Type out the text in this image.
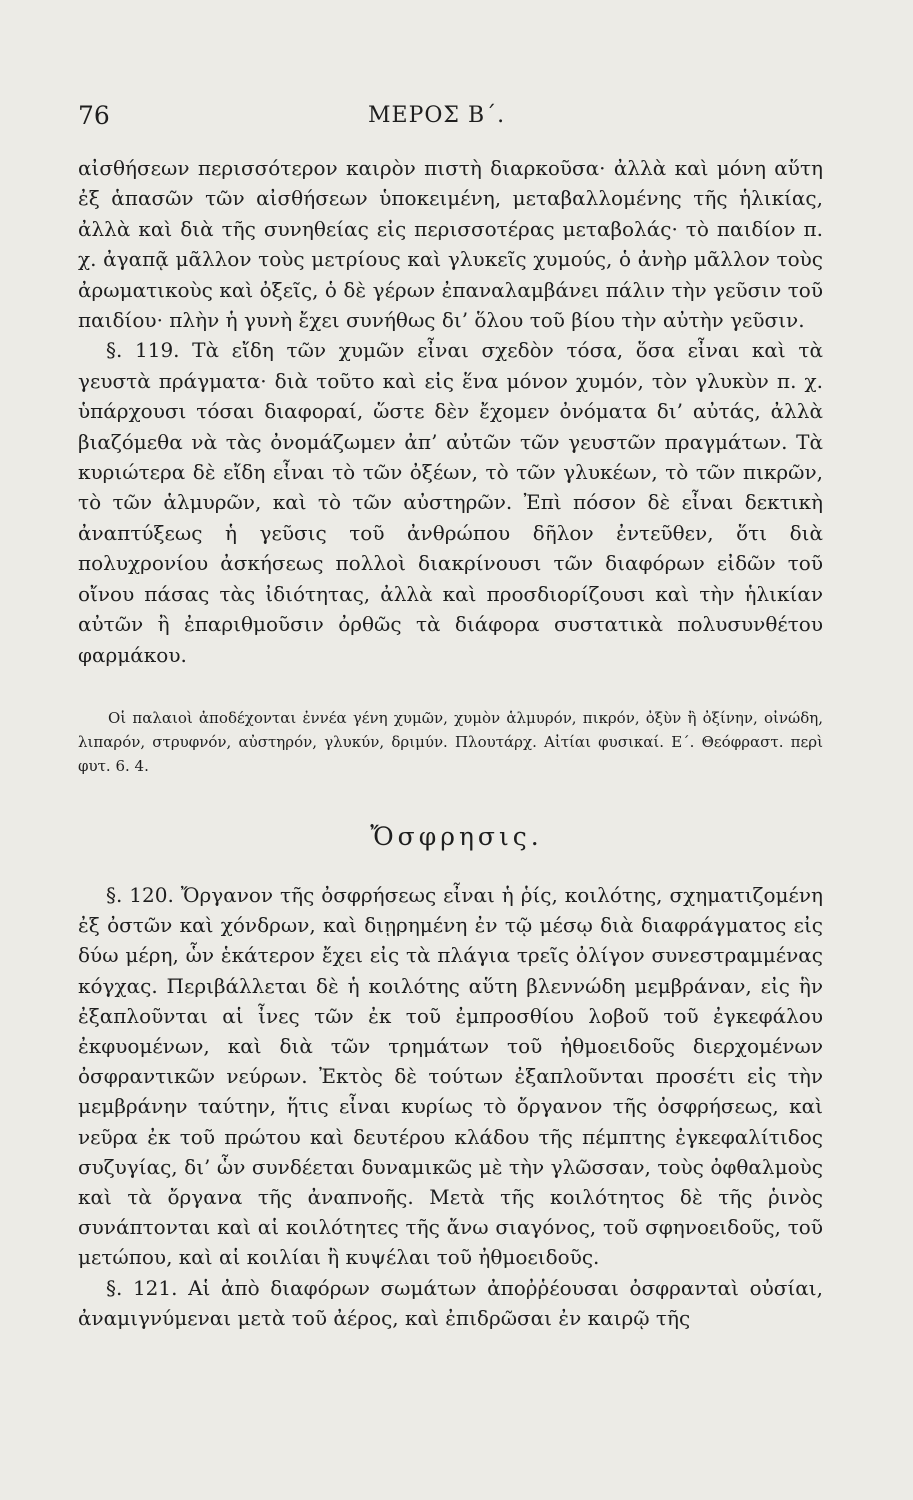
76	ΜΕΡΟΣ Β΄.

αἰσθήσεων περισσότερον καιρὸν πιστὴ διαρκοῦσα· ἀλλὰ καὶ μόνη αὕτη ἐξ ἁπασῶν τῶν αἰσθήσεων ὑποκειμένη, μεταβαλλομένης τῆς ἡλικίας, ἀλλὰ καὶ διὰ τῆς συνηθείας εἰς περισσοτέρας μεταβολάς· τὸ παιδίον π. χ. ἀγαπᾷ μᾶλλον τοὺς μετρίους καὶ γλυκεῖς χυμούς, ὁ ἀνὴρ μᾶλλον τοὺς ἀρωματικοὺς καὶ ὀξεῖς, ὁ δὲ γέρων ἐπαναλαμβάνει πάλιν τὴν γεῦσιν τοῦ παιδίου· πλὴν ἡ γυνὴ ἔχει συνήθως δι’ ὅλου τοῦ βίου τὴν αὐτὴν γεῦσιν.

§. 119. Τὰ εἴδη τῶν χυμῶν εἶναι σχεδὸν τόσα, ὅσα εἶναι καὶ τὰ γευστὰ πράγματα· διὰ τοῦτο καὶ εἰς ἕνα μόνον χυμόν, τὸν γλυκὺν π. χ. ὑπάρχουσι τόσαι διαφοραί, ὥστε δὲν ἔχομεν ὀνόματα δι’ αὐτάς, ἀλλὰ βιαζόμεθα νὰ τὰς ὀνομάζωμεν ἀπ’ αὐτῶν τῶν γευστῶν πραγμάτων. Τὰ κυριώτερα δὲ εἴδη εἶναι τὸ τῶν ὀξέων, τὸ τῶν γλυκέων, τὸ τῶν πικρῶν, τὸ τῶν ἁλμυρῶν, καὶ τὸ τῶν αὐστηρῶν. Ἐπὶ πόσον δὲ εἶναι δεκτικὴ ἀναπτύξεως ἡ γεῦσις τοῦ ἀνθρώπου δῆλον ἐντεῦθεν, ὅτι διὰ πολυχρονίου ἀσκήσεως πολλοὶ διακρίνουσι τῶν διαφόρων εἰδῶν τοῦ οἴνου πάσας τὰς ἰδιότητας, ἀλλὰ καὶ προσδιορίζουσι καὶ τὴν ἡλικίαν αὐτῶν ἢ ἐπαριθμοῦσιν ὀρθῶς τὰ διάφορα συστατικὰ πολυσυνθέτου φαρμάκου.

Οἱ παλαιοὶ ἀποδέχονται ἐννέα γένη χυμῶν, χυμὸν ἁλμυρόν, πικρόν, ὀξὺν ἢ ὀξίνην, οἰνώδη, λιπαρόν, στρυφνόν, αὐστηρόν, γλυκύν, δριμύν. Πλουτάρχ. Αἰτίαι φυσικαί. Ε΄. Θεόφραστ. περὶ φυτ. 6. 4.

Ὄσφρησις.

§. 120. Ὄργανον τῆς ὀσφρήσεως εἶναι ἡ ῥίς, κοιλότης, σχηματιζομένη ἐξ ὀστῶν καὶ χόνδρων, καὶ διῃρημένη ἐν τῷ μέσῳ διὰ διαφράγματος εἰς δύω μέρη, ὧν ἑκάτερον ἔχει εἰς τὰ πλάγια τρεῖς ὀλίγον συνεστραμμένας κόγχας. Περιβάλλεται δὲ ἡ κοιλότης αὕτη βλεννώδη μεμβράναν, εἰς ἣν ἐξαπλοῦνται αἱ ἶνες τῶν ἐκ τοῦ ἐμπροσθίου λοβοῦ τοῦ ἐγκεφάλου ἐκφυομένων, καὶ διὰ τῶν τρημάτων τοῦ ἠθμοειδοῦς διερχομένων ὀσφραντικῶν νεύρων. Ἐκτὸς δὲ τούτων ἐξαπλοῦνται προσέτι εἰς τὴν μεμβράνην ταύτην, ἥτις εἶναι κυρίως τὸ ὄργανον τῆς ὀσφρήσεως, καὶ νεῦρα ἐκ τοῦ πρώτου καὶ δευτέρου κλάδου τῆς πέμπτης ἐγκεφαλίτιδος συζυγίας, δι’ ὧν συνδέεται δυναμικῶς μὲ τὴν γλῶσσαν, τοὺς ὀφθαλμοὺς καὶ τὰ ὄργανα τῆς ἀναπνοῆς. Μετὰ τῆς κοιλότητος δὲ τῆς ῥινὸς συνάπτονται καὶ αἱ κοιλότητες τῆς ἄνω σιαγόνος, τοῦ σφηνοειδοῦς, τοῦ μετώπου, καὶ αἱ κοιλίαι ἢ κυψέλαι τοῦ ἠθμοειδοῦς.

§. 121. Αἱ ἀπὸ διαφόρων σωμάτων ἀποῤῥέουσαι ὀσφρανταὶ οὐσίαι, ἀναμιγνύμεναι μετὰ τοῦ ἀέρος, καὶ ἐπιδρῶσαι ἐν καιρῷ τῆς
